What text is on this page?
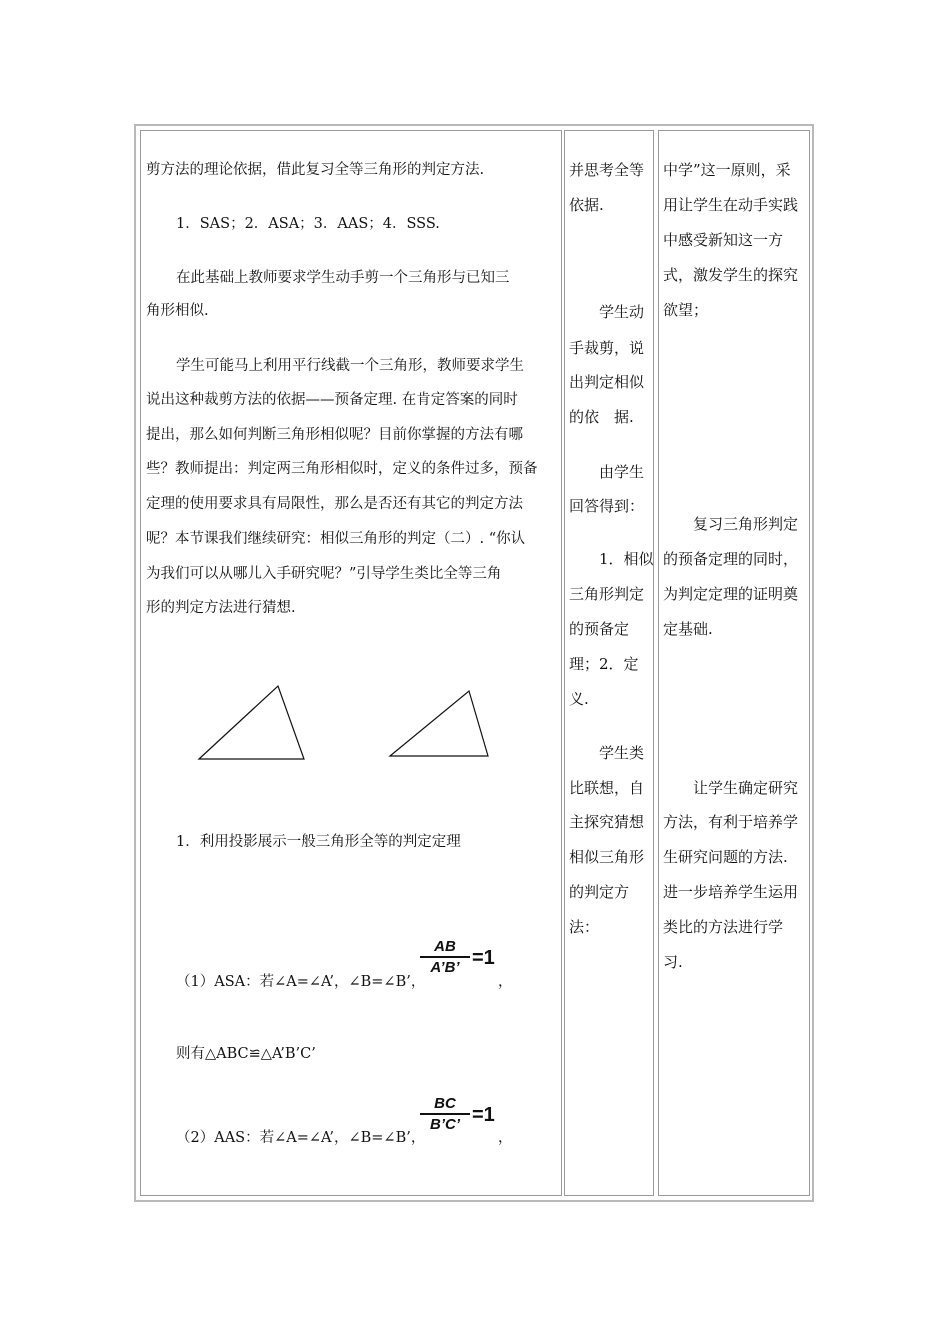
剪方法的理论依据，借此复习全等三角形的判定方法.
1．SAS；2．ASA；3．AAS；4．SSS.
在此基础上教师要求学生动手剪一个三角形与已知三
角形相似.
学生可能马上利用平行线截一个三角形，教师要求学生
说出这种裁剪方法的依据——预备定理. 在肯定答案的同时
提出，那么如何判断三角形相似呢？目前你掌握的方法有哪
些？教师提出：判定两三角形相似时，定义的条件过多，预备
定理的使用要求具有局限性，那么是否还有其它的判定方法
呢？本节课我们继续研究：相似三角形的判定（二）. “你认
为我们可以从哪儿入手研究呢？”引导学生类比全等三角
形的判定方法进行猜想.
1．利用投影展示一般三角形全等的判定定理
（1）ASA：若∠A=∠A’，∠B=∠B’，
AB
A’B’ =1
，
则有△ABC≌△A’B’C’
（2）AAS：若∠A=∠A’，∠B=∠B’，
BC
B’C’ =1
，
并思考全等
依据.
学生动
手裁剪，说
出判定相似
的依　据.
由学生
回答得到：
1．相似
三角形判定
的预备定
理；2．定
义.
学生类
比联想，自
主探究猜想
相似三角形
的判定方
法：
中学”这一原则，采
用让学生在动手实践
中感受新知这一方
式，激发学生的探究
欲望；
复习三角形判定
的预备定理的同时，
为判定定理的证明奠
定基础.
让学生确定研究
方法，有利于培养学
生研究问题的方法.
进一步培养学生运用
类比的方法进行学
习.
